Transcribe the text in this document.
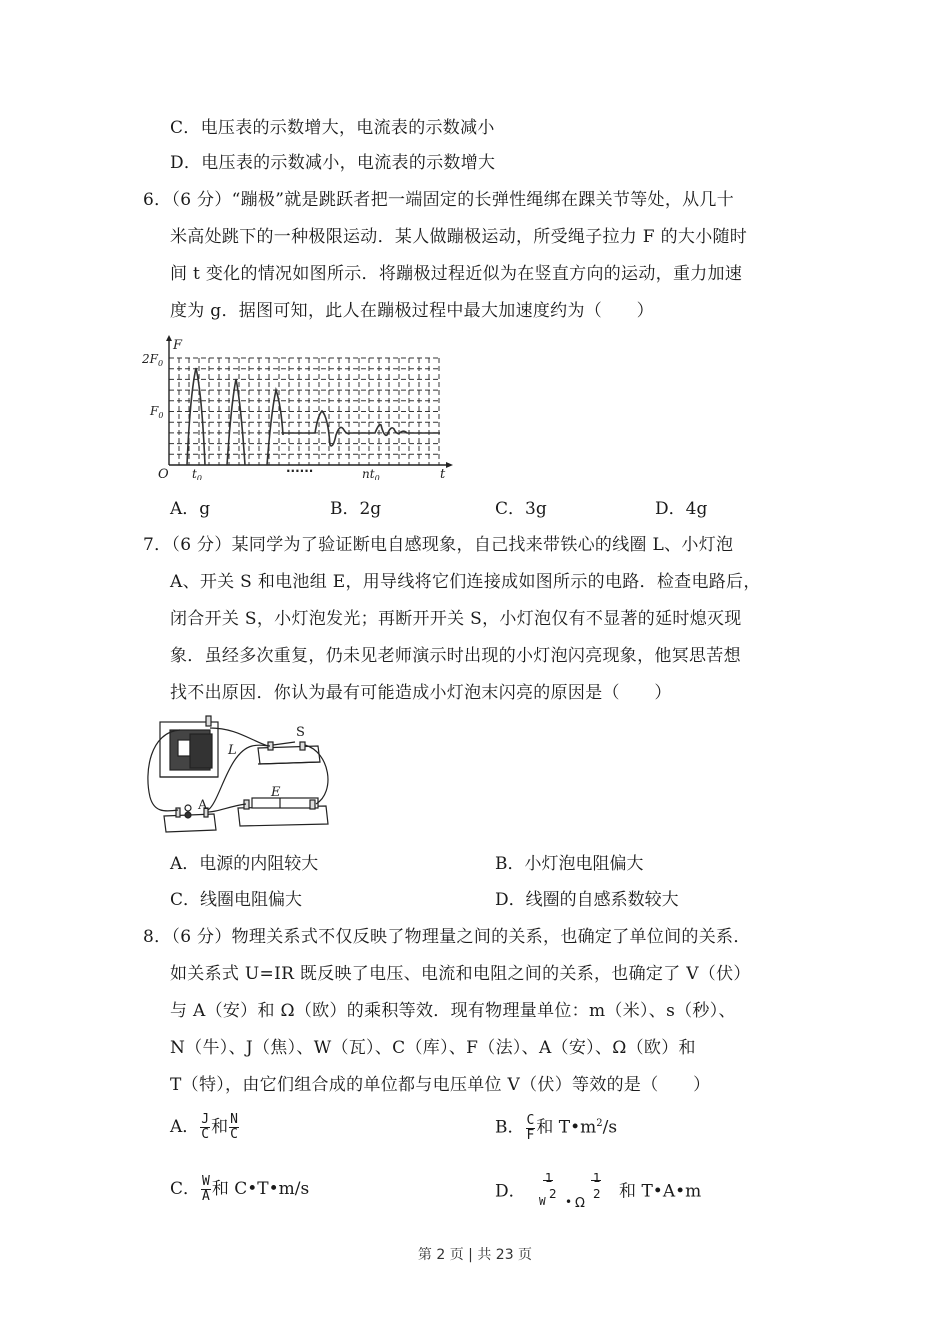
C．电压表的示数增大，电流表的示数减小
D．电压表的示数减小，电流表的示数增大
6．（6 分）“蹦极”就是跳跃者把一端固定的长弹性绳绑在踝关节等处，从几十
米高处跳下的一种极限运动．某人做蹦极运动，所受绳子拉力 F 的大小随时
间 t 变化的情况如图所示．将蹦极过程近似为在竖直方向的运动，重力加速
度为 g．据图可知，此人在蹦极过程中最大加速度约为（　　）
F
$2F_0$
$F_0$
O $t_0$
......	$nt_0$	t
A．g	B．2g	C．3g	D．4g
7．（6 分）某同学为了验证断电自感现象，自己找来带铁心的线圈 L、小灯泡
A、开关 S 和电池组 E，用导线将它们连接成如图所示的电路．检查电路后，
闭合开关 S，小灯泡发光；再断开开关 S，小灯泡仅有不显著的延时熄灭现
象．虽经多次重复，仍未见老师演示时出现的小灯泡闪亮现象，他冥思苦想
找不出原因．你认为最有可能造成小灯泡末闪亮的原因是（　　）
L
S
E
A
A．电源的内阻较大	B．小灯泡电阻偏大
C．线圈电阻偏大	D．线圈的自感系数较大
8．（6 分）物理关系式不仅反映了物理量之间的关系，也确定了单位间的关系．
如关系式 U=IR 既反映了电压、电流和电阻之间的关系，也确定了 V（伏）
与 A（安）和 Ω（欧）的乘积等效．现有物理量单位：m（米）、s（秒）、
N（牛）、J（焦）、W（瓦）、C（库）、F（法）、A（安）、Ω（欧）和
T（特），由它们组合成的单位都与电压单位 V（伏）等效的是（　　）
A． $\frac{J}{C}$ 和 $\frac{N}{C}$	B． $\frac{C}{F}$ 和 $T•m^2/s$
C． $\frac{W}{A}$ 和 C•T•m/s	D．
1
W
2
• Ω
1
2 和 T•A•m
第 2 页 | 共 23 页
